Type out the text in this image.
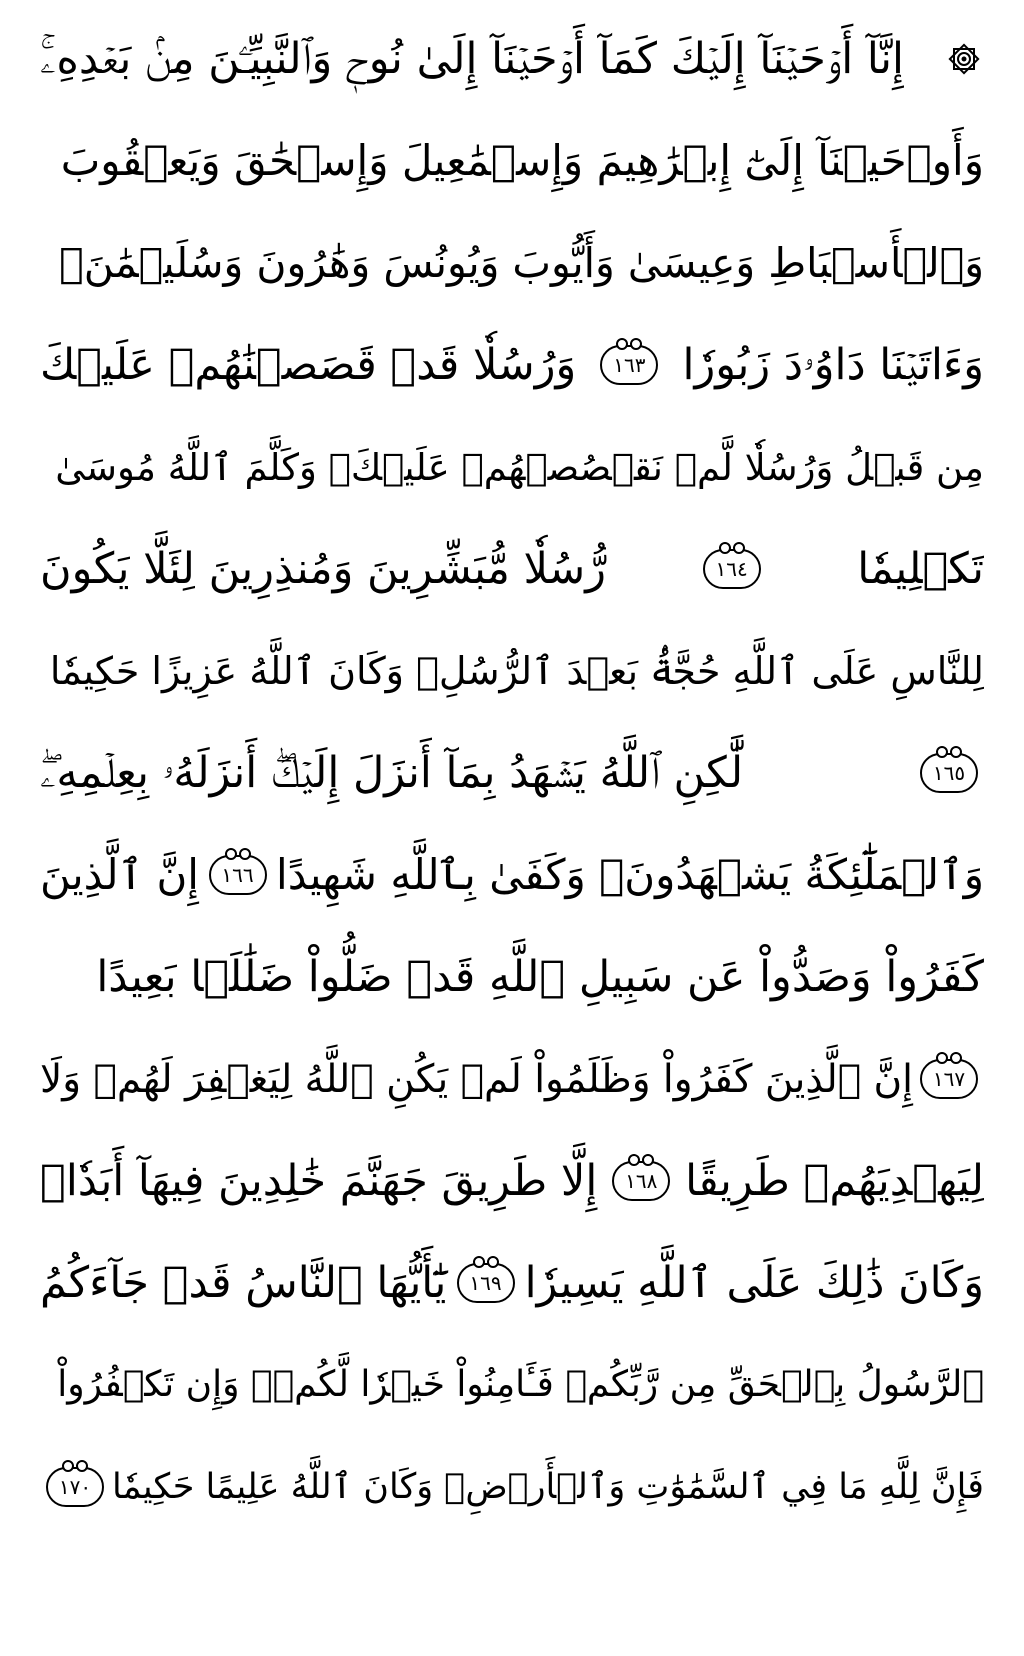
إِنَّآ أَوۡحَيۡنَآ إِلَيۡكَ كَمَآ أَوۡحَيۡنَآ إِلَىٰ نُوحٖ وَٱلنَّبِيِّـۧنَ مِنۢ بَعۡدِهِۦۚ
وَأَوۡحَيۡنَآ إِلَىٰٓ إِبۡرَٰهِيمَ وَإِسۡمَٰعِيلَ وَإِسۡحَٰقَ وَيَعۡقُوبَ
وَٱلۡأَسۡبَاطِ وَعِيسَىٰ وَأَيُّوبَ وَيُونُسَ وَهَٰرُونَ وَسُلَيۡمَٰنَۚ
وَءَاتَيۡنَا دَاوُۥدَ زَبُورٗا
١٦٣
وَرُسُلٗا قَدۡ قَصَصۡنَٰهُمۡ عَلَيۡكَ
مِن قَبۡلُ وَرُسُلٗا لَّمۡ نَقۡصُصۡهُمۡ عَلَيۡكَۚ وَكَلَّمَ ٱللَّهُ مُوسَىٰ
تَكۡلِيمٗا
١٦٤
رُّسُلٗا مُّبَشِّرِينَ وَمُنذِرِينَ لِئَلَّا يَكُونَ
لِلنَّاسِ عَلَى ٱللَّهِ حُجَّةُۢ بَعۡدَ ٱلرُّسُلِۚ وَكَانَ ٱللَّهُ عَزِيزًا حَكِيمٗا
١٦٥
لَّٰكِنِ ٱللَّهُ يَشۡهَدُ بِمَآ أَنزَلَ إِلَيۡكَۖ أَنزَلَهُۥ بِعِلۡمِهِۦۖ
وَٱلۡمَلَٰٓئِكَةُ يَشۡهَدُونَۚ وَكَفَىٰ بِٱللَّهِ شَهِيدًا
١٦٦
إِنَّ ٱلَّذِينَ
كَفَرُواْ وَصَدُّواْ عَن سَبِيلِ ٱللَّهِ قَدۡ ضَلُّواْ ضَلَٰلَۢا بَعِيدًا
١٦٧
إِنَّ ٱلَّذِينَ كَفَرُواْ وَظَلَمُواْ لَمۡ يَكُنِ ٱللَّهُ لِيَغۡفِرَ لَهُمۡ وَلَا
لِيَهۡدِيَهُمۡ طَرِيقًا
١٦٨
إِلَّا طَرِيقَ جَهَنَّمَ خَٰلِدِينَ فِيهَآ أَبَدٗاۚ
وَكَانَ ذَٰلِكَ عَلَى ٱللَّهِ يَسِيرٗا
١٦٩
يَٰٓأَيُّهَا ٱلنَّاسُ قَدۡ جَآءَكُمُ
ٱلرَّسُولُ بِٱلۡحَقِّ مِن رَّبِّكُمۡ فَـَٔامِنُواْ خَيۡرٗا لَّكُمۡۚ وَإِن تَكۡفُرُواْ
فَإِنَّ لِلَّهِ مَا فِي ٱلسَّمَٰوَٰتِ وَٱلۡأَرۡضِۚ وَكَانَ ٱللَّهُ عَلِيمًا حَكِيمٗا
١٧٠
